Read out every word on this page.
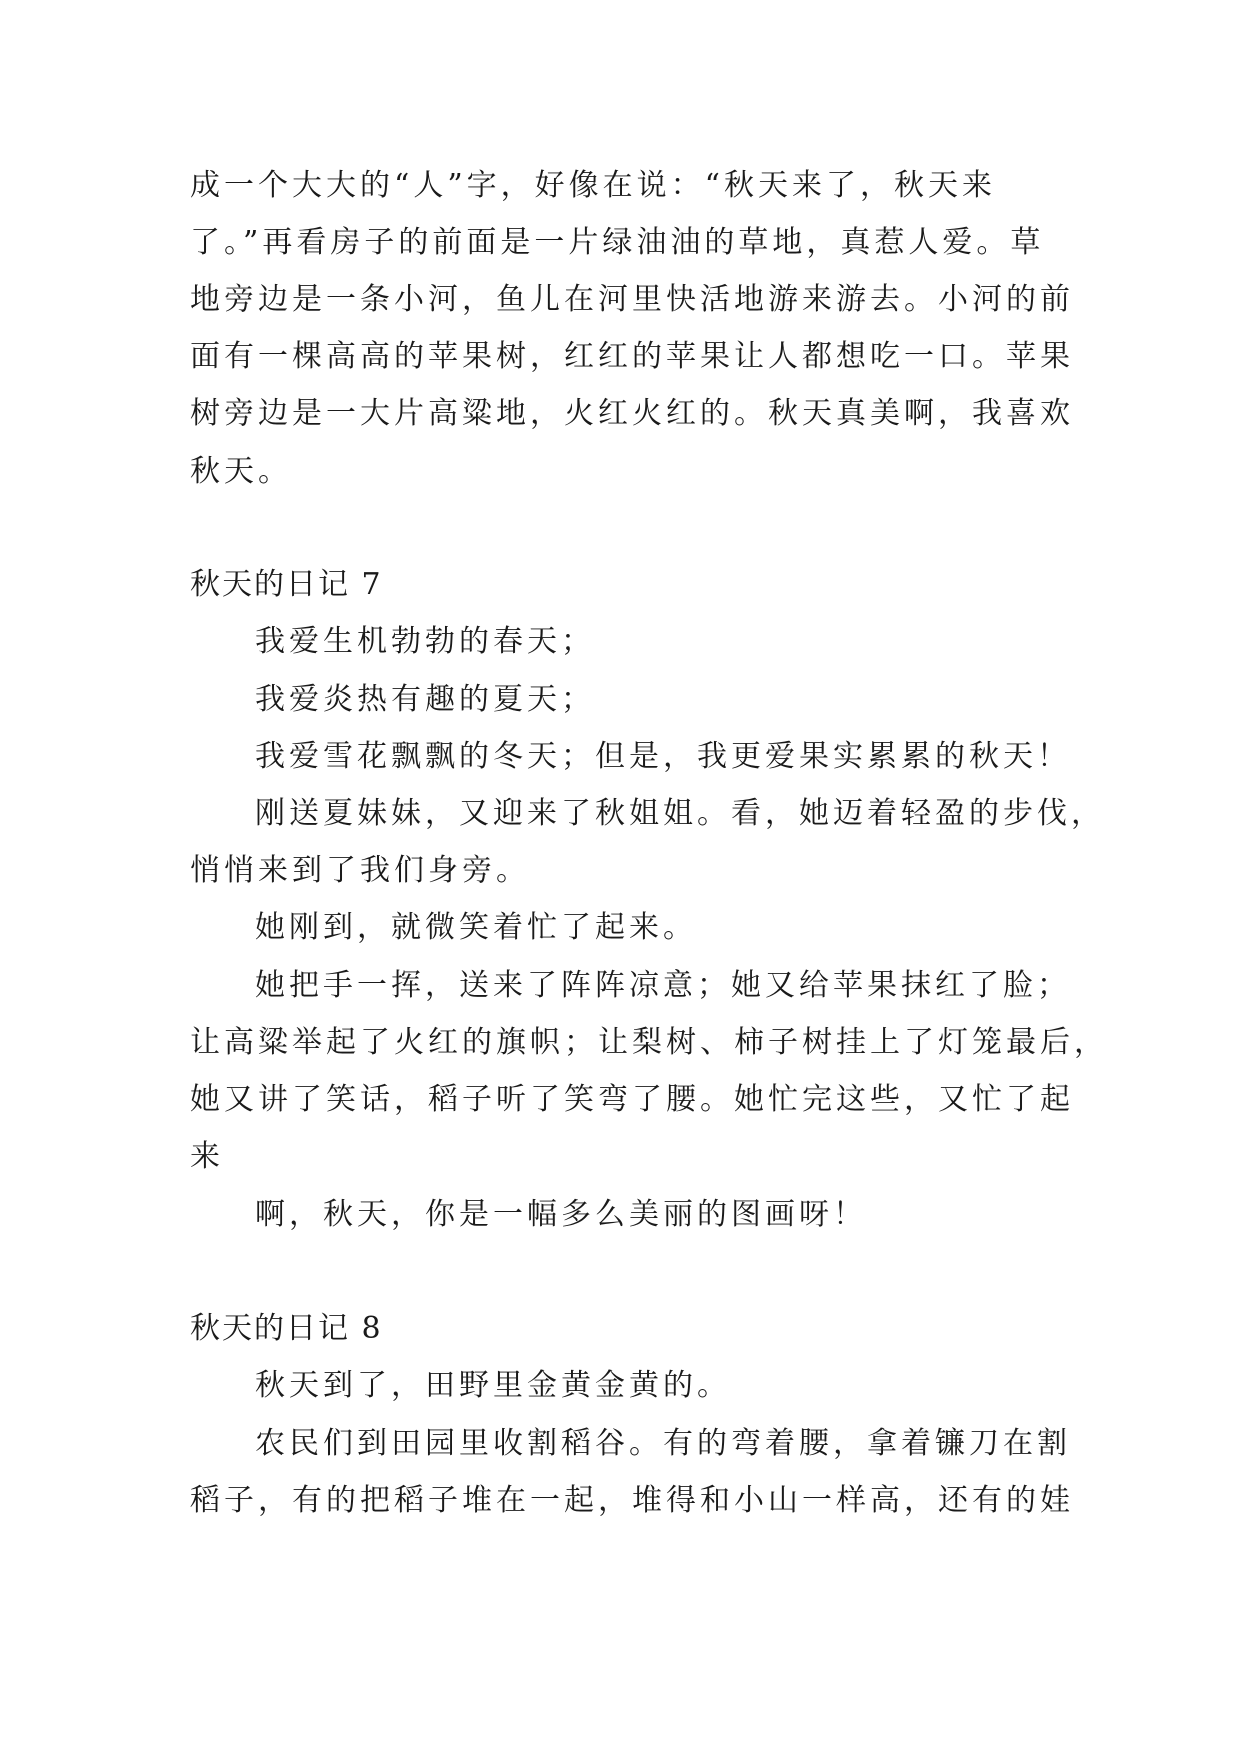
成一个大大的“人”字，好像在说：“秋天来了，秋天来
了。”再看房子的前面是一片绿油油的草地，真惹人爱。草
地旁边是一条小河，鱼儿在河里快活地游来游去。小河的前
面有一棵高高的苹果树，红红的苹果让人都想吃一口。苹果
树旁边是一大片高粱地，火红火红的。秋天真美啊，我喜欢
秋天。
秋天的日记 7
我爱生机勃勃的春天；
我爱炎热有趣的夏天；
我爱雪花飘飘的冬天；但是，我更爱果实累累的秋天！
刚送夏妹妹，又迎来了秋姐姐。看，她迈着轻盈的步伐，
悄悄来到了我们身旁。
她刚到，就微笑着忙了起来。
她把手一挥，送来了阵阵凉意；她又给苹果抹红了脸；
让高粱举起了火红的旗帜；让梨树、柿子树挂上了灯笼最后，
她又讲了笑话，稻子听了笑弯了腰。她忙完这些，又忙了起
来
啊，秋天，你是一幅多么美丽的图画呀！
秋天的日记 8
秋天到了，田野里金黄金黄的。
农民们到田园里收割稻谷。有的弯着腰，拿着镰刀在割
稻子，有的把稻子堆在一起，堆得和小山一样高，还有的娃
